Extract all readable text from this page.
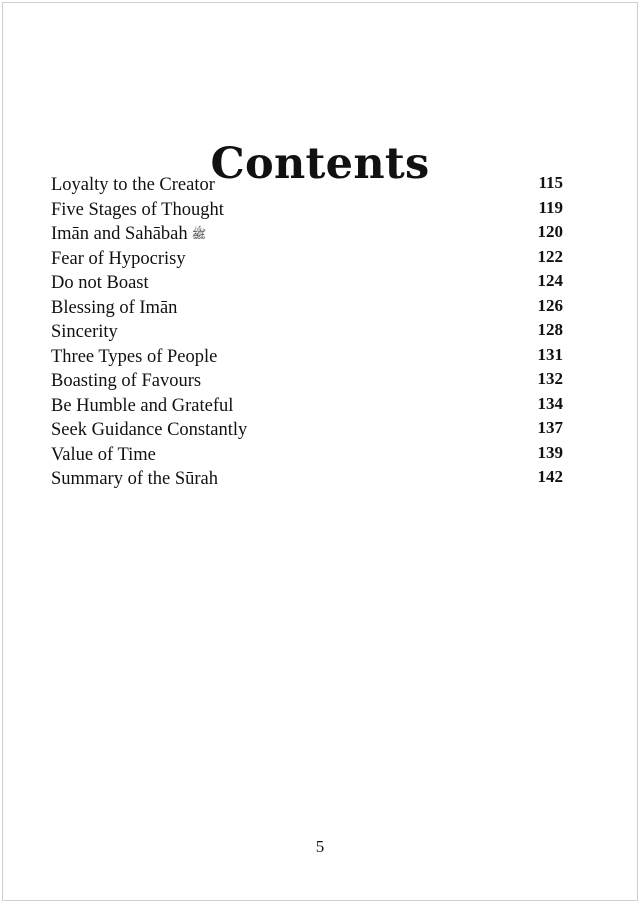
Contents
Loyalty to the Creator	115
Five Stages of Thought	119
Imān and Sahābah ﷺ	120
Fear of Hypocrisy	122
Do not Boast	124
Blessing of Imān	126
Sincerity	128
Three Types of People	131
Boasting of Favours	132
Be Humble and Grateful	134
Seek Guidance Constantly	137
Value of Time	139
Summary of the Sūrah	142
5
